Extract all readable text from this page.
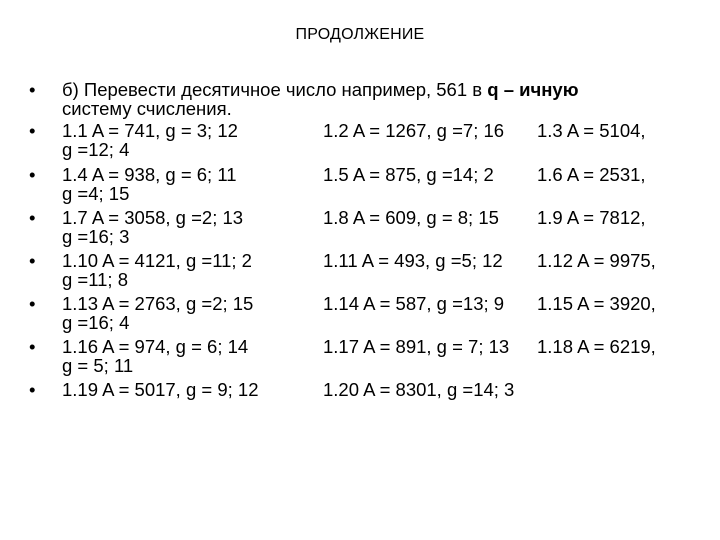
ПРОДОЛЖЕНИЕ
• б) Перевести десятичное число например, 561 в q – ичную
систему счисления.
• 1.1 A = 741, g = 3; 12	1.2 A = 1267, g =7; 16 1.3 A = 5104,
g =12; 4
• 1.4 A = 938, g = 6; 11	1.5 A = 875, g =14; 2 1.6 A = 2531,
g =4; 15
• 1.7 A = 3058, g =2; 13	1.8 A = 609, g = 8; 15 1.9 A = 7812,
g =16; 3
• 1.10 A = 4121, g =11; 2	1.11 A = 493, g =5; 12 1.12 A = 9975,
g =11; 8
• 1.13 A = 2763, g =2; 15	1.14 A = 587, g =13; 9 1.15 A = 3920,
g =16; 4
• 1.16 A = 974, g = 6; 14	1.17 A = 891, g = 7; 13 1.18 A = 6219,
g = 5; 11
• 1.19 A = 5017, g = 9; 12	1.20 A = 8301, g =14; 3
